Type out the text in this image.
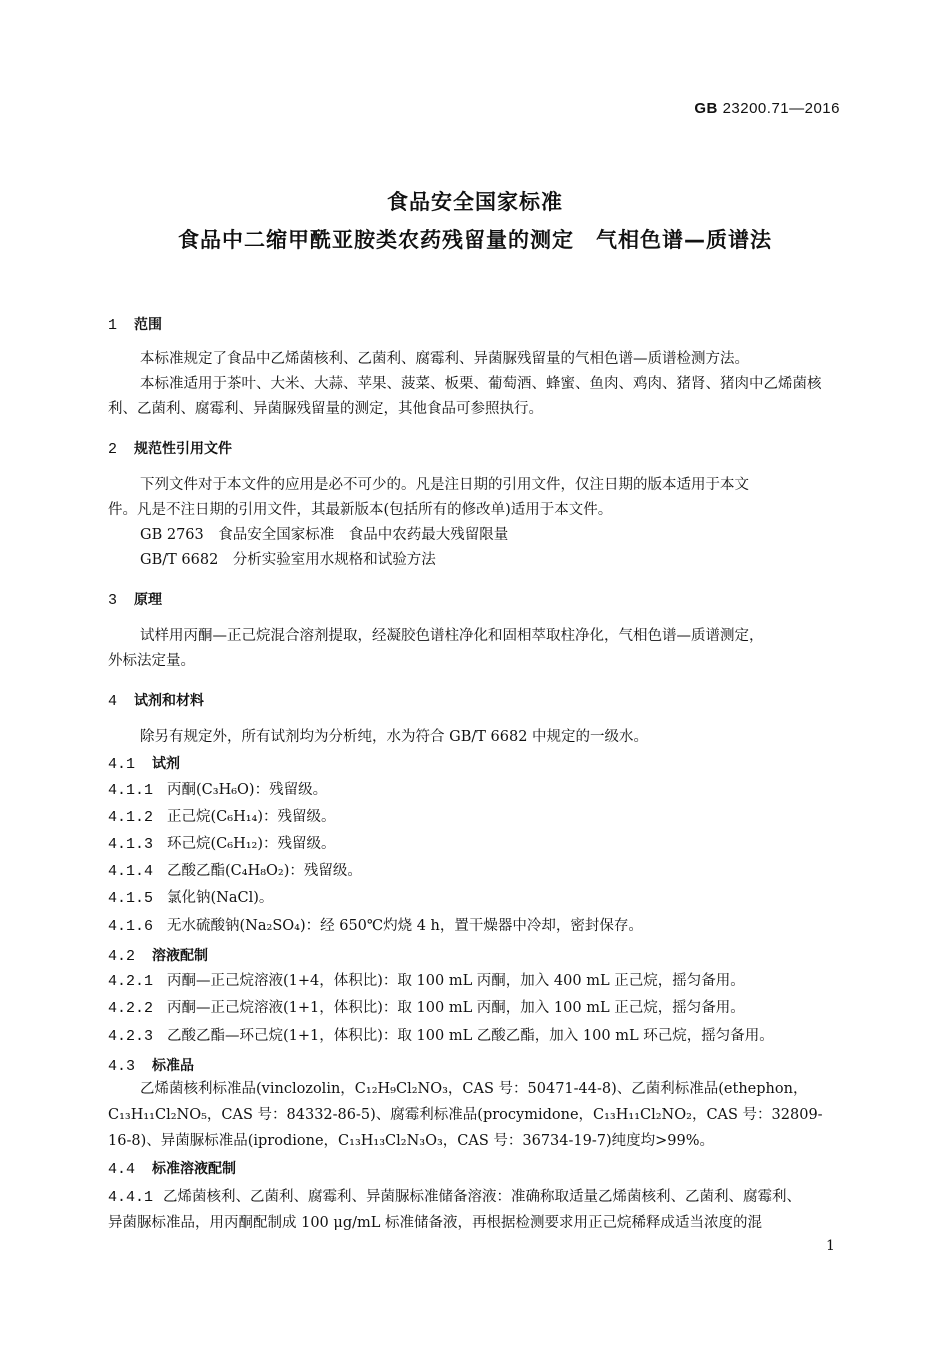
GB 23200.71—2016
食品安全国家标准
食品中二缩甲酰亚胺类农药残留量的测定　气相色谱—质谱法
1 范围
本标准规定了食品中乙烯菌核利、乙菌利、腐霉利、异菌脲残留量的气相色谱—质谱检测方法。
本标准适用于茶叶、大米、大蒜、苹果、菠菜、板栗、葡萄酒、蜂蜜、鱼肉、鸡肉、猪肾、猪肉中乙烯菌核
利、乙菌利、腐霉利、异菌脲残留量的测定，其他食品可参照执行。
2 规范性引用文件
下列文件对于本文件的应用是必不可少的。凡是注日期的引用文件，仅注日期的版本适用于本文
件。凡是不注日期的引用文件，其最新版本(包括所有的修改单)适用于本文件。
GB 2763　食品安全国家标准　食品中农药最大残留限量
GB/T 6682　分析实验室用水规格和试验方法
3 原理
试样用丙酮—正己烷混合溶剂提取，经凝胶色谱柱净化和固相萃取柱净化，气相色谱—质谱测定，
外标法定量。
4 试剂和材料
除另有规定外，所有试剂均为分析纯，水为符合 GB/T 6682 中规定的一级水。
4.1 试剂
4.1.1 丙酮(C₃H₆O)：残留级。
4.1.2 正己烷(C₆H₁₄)：残留级。
4.1.3 环己烷(C₆H₁₂)：残留级。
4.1.4 乙酸乙酯(C₄H₈O₂)：残留级。
4.1.5 氯化钠(NaCl)。
4.1.6 无水硫酸钠(Na₂SO₄)：经 650℃灼烧 4 h，置干燥器中冷却，密封保存。
4.2 溶液配制
4.2.1 丙酮—正己烷溶液(1+4，体积比)：取 100 mL 丙酮，加入 400 mL 正己烷，摇匀备用。
4.2.2 丙酮—正己烷溶液(1+1，体积比)：取 100 mL 丙酮，加入 100 mL 正己烷，摇匀备用。
4.2.3 乙酸乙酯—环己烷(1+1，体积比)：取 100 mL 乙酸乙酯，加入 100 mL 环己烷，摇匀备用。
4.3 标准品
乙烯菌核利标准品(vinclozolin，C₁₂H₉Cl₂NO₃，CAS 号：50471-44-8)、乙菌利标准品(ethephon，
C₁₃H₁₁Cl₂NO₅，CAS 号：84332-86-5)、腐霉利标准品(procymidone，C₁₃H₁₁Cl₂NO₂，CAS 号：32809-
16-8)、异菌脲标准品(iprodione，C₁₃H₁₃Cl₂N₃O₃，CAS 号：36734-19-7)纯度均>99%。
4.4 标准溶液配制
4.4.1 乙烯菌核利、乙菌利、腐霉利、异菌脲标准储备溶液：准确称取适量乙烯菌核利、乙菌利、腐霉利、
异菌脲标准品，用丙酮配制成 100 μg/mL 标准储备液，再根据检测要求用正己烷稀释成适当浓度的混
1
